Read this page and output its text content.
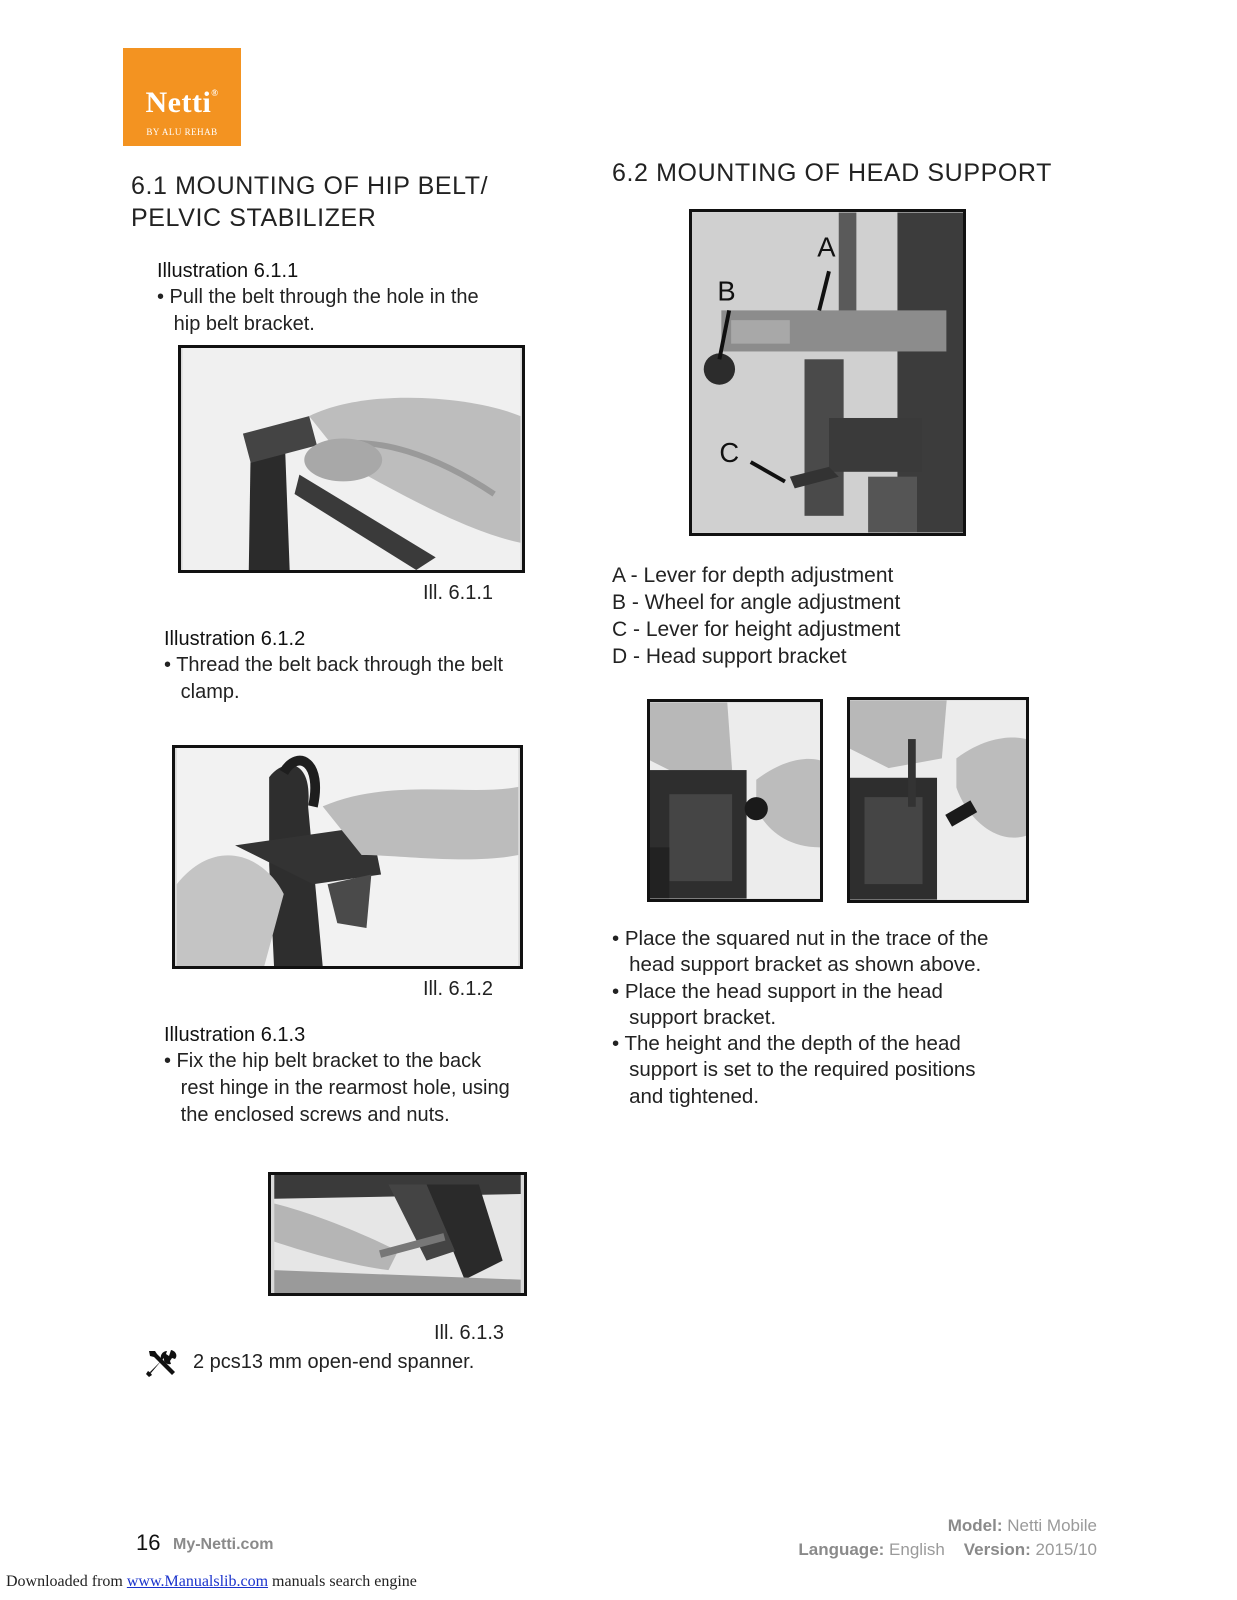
Netti®
BY ALU REHAB
6.1 MOUNTING OF HIP BELT/
PELVIC STABILIZER
Illustration 6.1.1
• Pull the belt through the hole in the
hip belt bracket.
Ill. 6.1.1
Illustration 6.1.2
• Thread the belt back through the belt
clamp.
Ill. 6.1.2
Illustration 6.1.3
• Fix the hip belt bracket to the back
rest hinge in the rearmost hole, using
the enclosed screws and nuts.
Ill. 6.1.3
2 pcs13 mm open-end spanner.
6.2 MOUNTING OF HEAD SUPPORT
A
B
C
A - Lever for depth adjustment
B - Wheel for angle adjustment
C - Lever for height adjustment
D - Head support bracket
• Place the squared nut in the trace of the
head support bracket as shown above.
• Place the head support in the head
support bracket.
• The height and the depth of the head
support is set to the required positions
and tightened.
16 My-Netti.com
Model: Netti Mobile
Language: English Version: 2015/10
Downloaded from www.Manualslib.com manuals search engine
